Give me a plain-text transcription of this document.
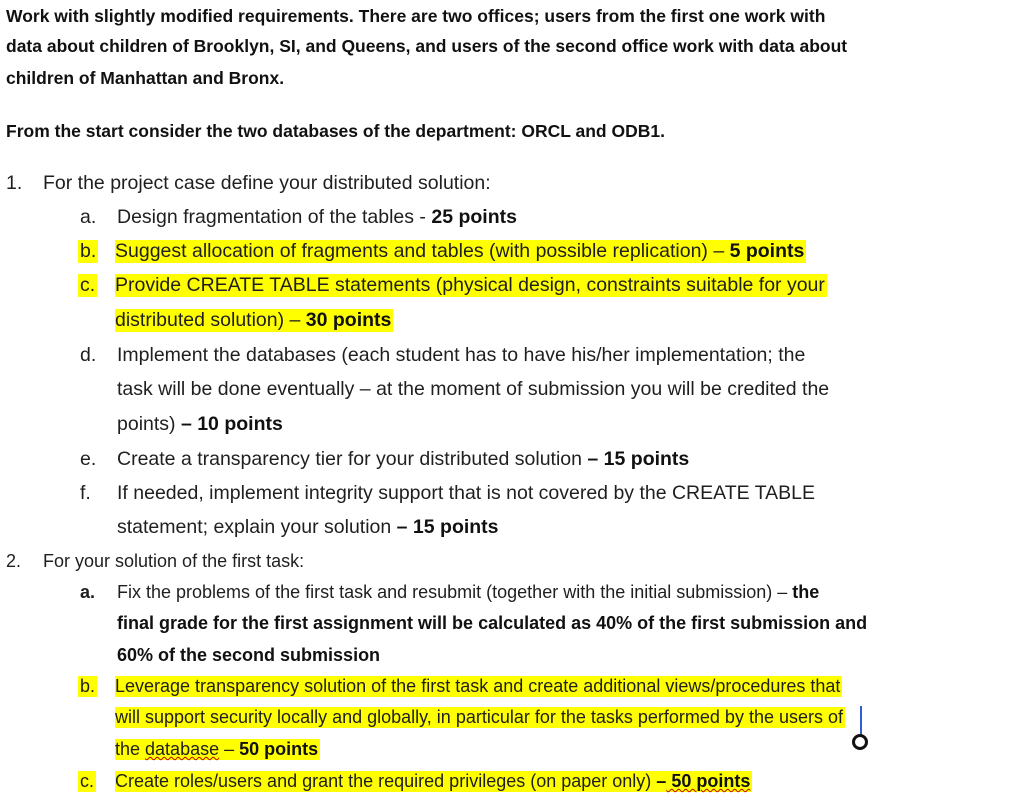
Work with slightly modified requirements. There are two offices; users from the first one work with
data about children of Brooklyn, SI, and Queens, and users of the second office work with data about
children of Manhattan and Bronx.
From the start consider the two databases of the department: ORCL and ODB1.
1. For the project case define your distributed solution:
a. Design fragmentation of the tables - 25 points
b. Suggest allocation of fragments and tables (with possible replication) – 5 points
c. Provide CREATE TABLE statements (physical design, constraints suitable for your
distributed solution) – 30 points
d. Implement the databases (each student has to have his/her implementation; the
task will be done eventually – at the moment of submission you will be credited the
points) – 10 points
e. Create a transparency tier for your distributed solution – 15 points
f. If needed, implement integrity support that is not covered by the CREATE TABLE
statement; explain your solution – 15 points
2. For your solution of the first task:
a. Fix the problems of the first task and resubmit (together with the initial submission) – the
final grade for the first assignment will be calculated as 40% of the first submission and
60% of the second submission
b. Leverage transparency solution of the first task and create additional views/procedures that
will support security locally and globally, in particular for the tasks performed by the users of
the database – 50 points
c. Create roles/users and grant the required privileges (on paper only) – 50 points
